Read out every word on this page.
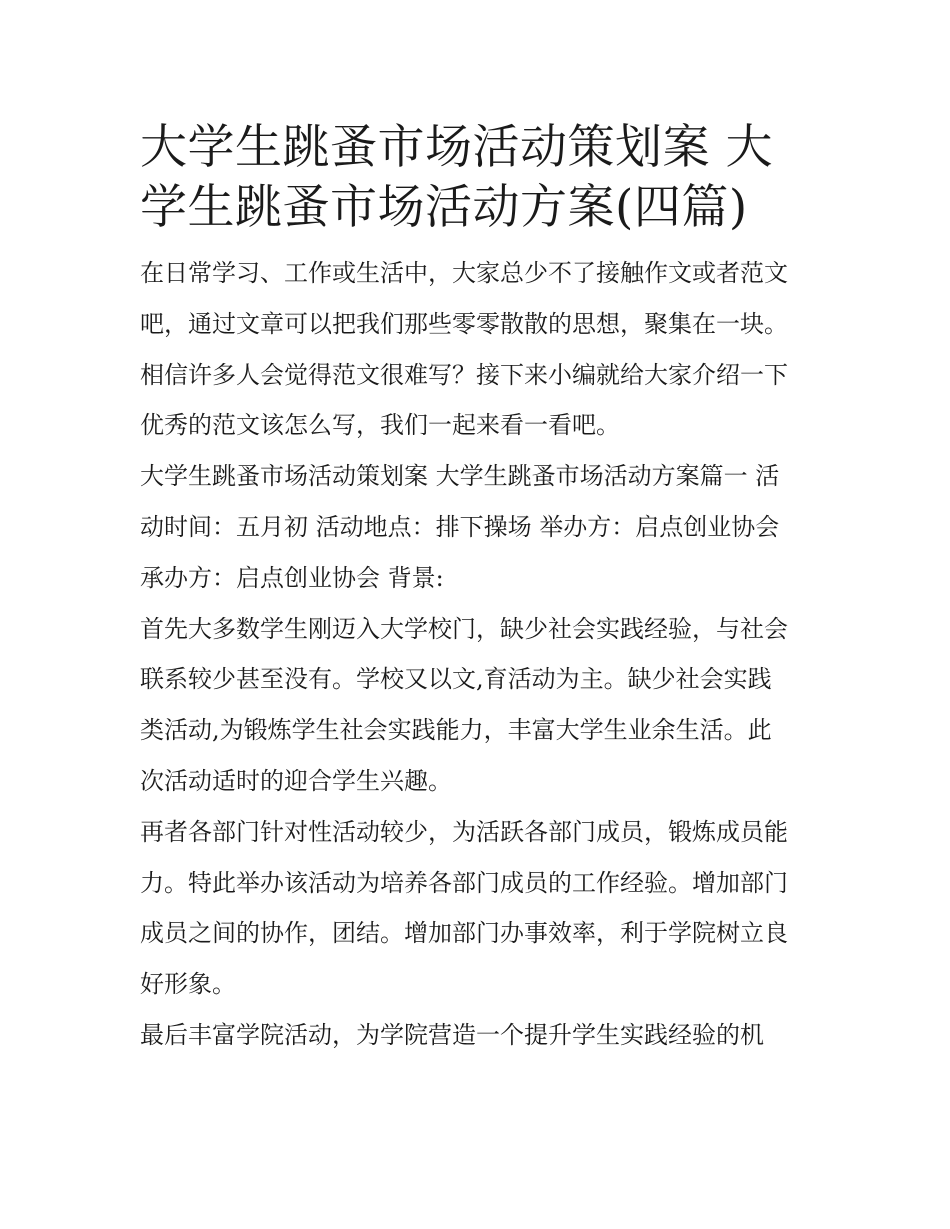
大学生跳蚤市场活动策划案 大
学生跳蚤市场活动方案(四篇)
在日常学习、工作或生活中，大家总少不了接触作文或者范文
吧，通过文章可以把我们那些零零散散的思想，聚集在一块。
相信许多人会觉得范文很难写？接下来小编就给大家介绍一下
优秀的范文该怎么写，我们一起来看一看吧。
大学生跳蚤市场活动策划案 大学生跳蚤市场活动方案篇一 活
动时间：五月初 活动地点：排下操场 举办方：启点创业协会
承办方：启点创业协会 背景:
首先大多数学生刚迈入大学校门，缺少社会实践经验，与社会
联系较少甚至没有。学校又以文,育活动为主。缺少社会实践
类活动,为锻炼学生社会实践能力，丰富大学生业余生活。此
次活动适时的迎合学生兴趣。
再者各部门针对性活动较少，为活跃各部门成员，锻炼成员能
力。特此举办该活动为培养各部门成员的工作经验。增加部门
成员之间的协作，团结。增加部门办事效率，利于学院树立良
好形象。
最后丰富学院活动，为学院营造一个提升学生实践经验的机
